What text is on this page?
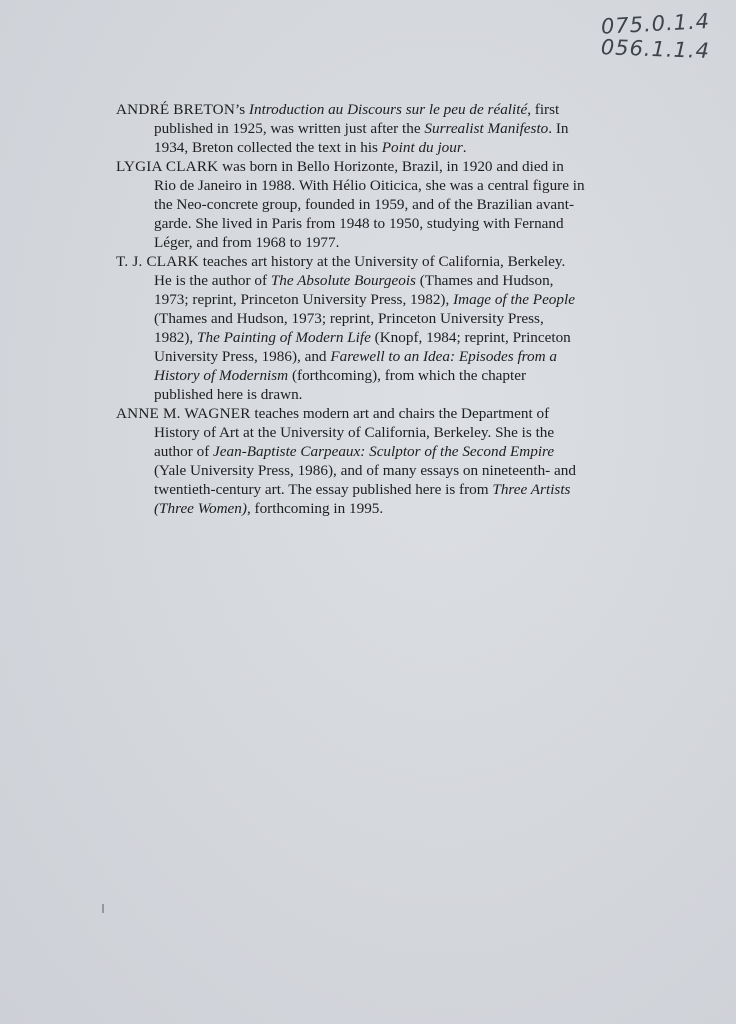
075.0.1.4
056.1.1.4

ANDRÉ BRETON’s Introduction au Discours sur le peu de réalité, first published in 1925, was written just after the Surrealist Manifesto. In 1934, Breton collected the text in his Point du jour.

LYGIA CLARK was born in Bello Horizonte, Brazil, in 1920 and died in Rio de Janeiro in 1988. With Hélio Oiticica, she was a central figure in the Neo-concrete group, founded in 1959, and of the Brazilian avant-garde. She lived in Paris from 1948 to 1950, studying with Fernand Léger, and from 1968 to 1977.

T. J. CLARK teaches art history at the University of California, Berkeley. He is the author of The Absolute Bourgeois (Thames and Hudson, 1973; reprint, Princeton University Press, 1982), Image of the People (Thames and Hudson, 1973; reprint, Princeton University Press, 1982), The Painting of Modern Life (Knopf, 1984; reprint, Princeton University Press, 1986), and Farewell to an Idea: Episodes from a History of Modernism (forthcoming), from which the chapter published here is drawn.

ANNE M. WAGNER teaches modern art and chairs the Department of History of Art at the University of California, Berkeley. She is the author of Jean-Baptiste Carpeaux: Sculptor of the Second Empire (Yale University Press, 1986), and of many essays on nineteenth- and twentieth-century art. The essay published here is from Three Artists (Three Women), forthcoming in 1995.
